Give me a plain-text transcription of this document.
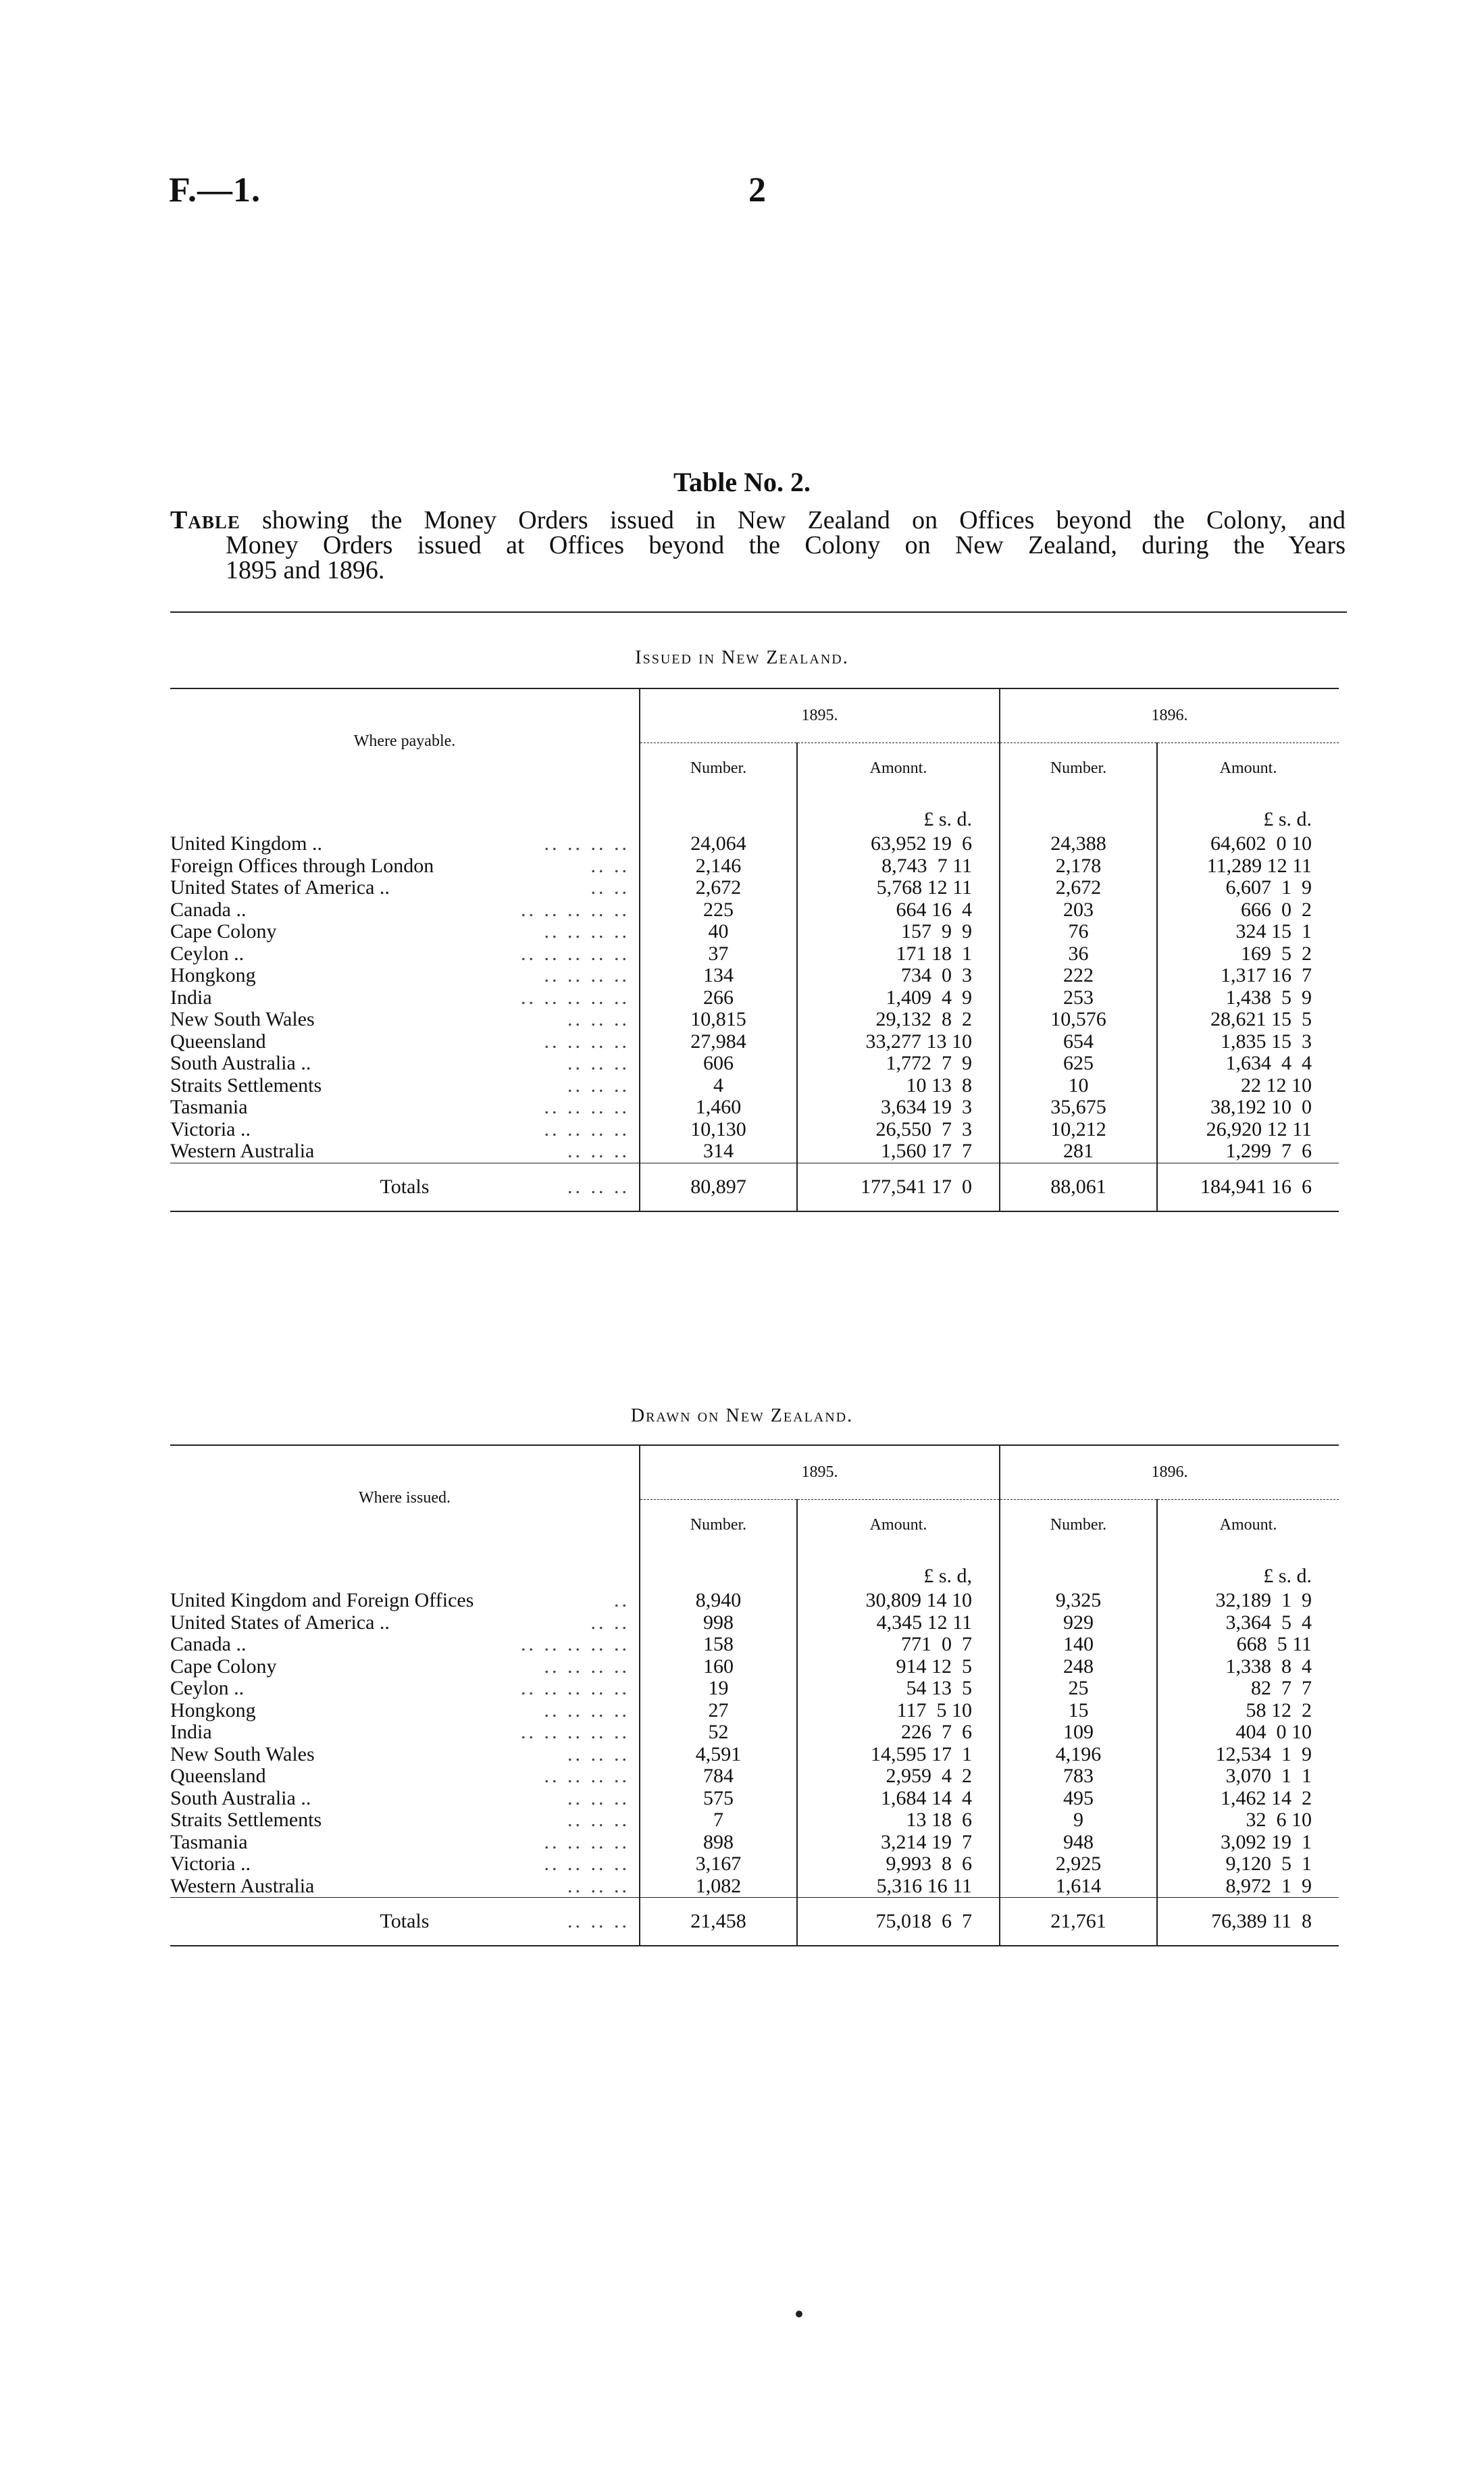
F.—1.	2
Table No. 2.
Table showing the Money Orders issued in New Zealand on Offices beyond the Colony, and
Money Orders issued at Offices beyond the Colony on New Zealand, during the Years
1895 and 1896.
Issued in New Zealand.
Where payable.	1895.		1896.	
	Number.	Amonnt.	Number.	Amount.
		£ s. d.		£ s. d.
United Kingdom .. .. .. .. ..	24,064	63,952 19  6	24,388	64,602  0 10
Foreign Offices through London .. ..	2,146	8,743  7 11	2,178	11,289 12 11
United States of America .. .. ..	2,672	5,768 12 11	2,672	6,607  1  9
Canada .. .. .. .. .. ..	225	664 16  4	203	666  0  2
Cape Colony .. .. .. ..	40	157  9  9	76	324 15  1
Ceylon .. .. .. .. .. ..	37	171 18  1	36	169  5  2
Hongkong .. .. .. ..	134	734  0  3	222	1,317 16  7
India .. .. .. .. ..	266	1,409  4  9	253	1,438  5  9
New South Wales .. .. ..	10,815	29,132  8  2	10,576	28,621 15  5
Queensland .. .. .. ..	27,984	33,277 13 10	654	1,835 15  3
South Australia .. .. .. ..	606	1,772  7  9	625	1,634  4  4
Straits Settlements .. .. ..	4	10 13  8	10	22 12 10
Tasmania .. .. .. ..	1,460	3,634 19  3	35,675	38,192 10  0
Victoria .. .. .. .. ..	10,130	26,550  7  3	10,212	26,920 12 11
Western Australia .. .. ..	314	1,560 17  7	281	1,299  7  6
Totals .. .. ..	80,897	177,541 17  0	88,061	184,941 16  6
Drawn on New Zealand.
Where issued.	1895.		1896.	
	Number.	Amount.	Number.	Amount.
		£ s. d,		£ s. d.
United Kingdom and Foreign Offices ..	8,940	30,809 14 10	9,325	32,189  1  9
United States of America .. .. ..	998	4,345 12 11	929	3,364  5  4
Canada .. .. .. .. .. ..	158	771  0  7	140	668  5 11
Cape Colony .. .. .. ..	160	914 12  5	248	1,338  8  4
Ceylon .. .. .. .. .. ..	19	54 13  5	25	82  7  7
Hongkong .. .. .. ..	27	117  5 10	15	58 12  2
India .. .. .. .. ..	52	226  7  6	109	404  0 10
New South Wales .. .. ..	4,591	14,595 17  1	4,196	12,534  1  9
Queensland .. .. .. ..	784	2,959  4  2	783	3,070  1  1
South Australia .. .. .. ..	575	1,684 14  4	495	1,462 14  2
Straits Settlements .. .. ..	7	13 18  6	9	32  6 10
Tasmania .. .. .. ..	898	3,214 19  7	948	3,092 19  1
Victoria .. .. .. .. ..	3,167	9,993  8  6	2,925	9,120  5  1
Western Australia .. .. ..	1,082	5,316 16 11	1,614	8,972  1  9
Totals .. .. ..	21,458	75,018  6  7	21,761	76,389 11  8
